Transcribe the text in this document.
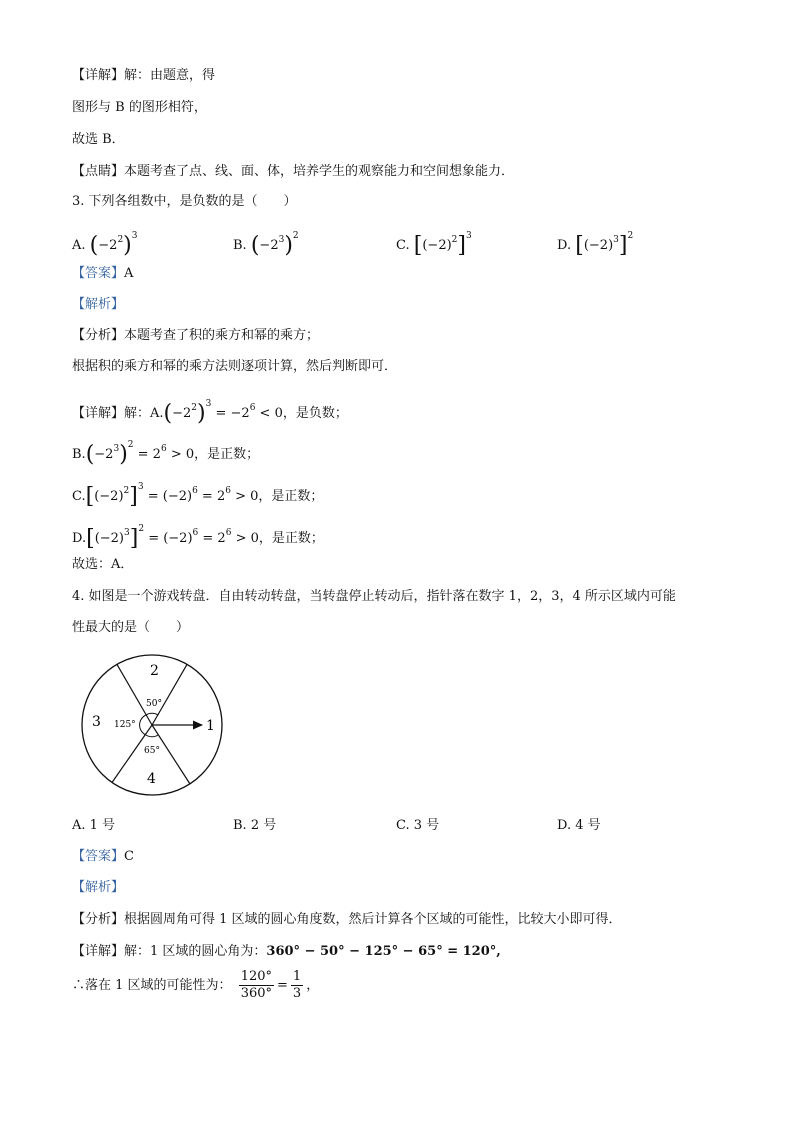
【详解】解：由题意，得
图形与 B 的图形相符，
故选 B．
【点睛】本题考查了点、线、面、体，培养学生的观察能力和空间想象能力．
3. 下列各组数中，是负数的是（　　）
A. $(-2^2)^3$
B. $(-2^3)^2$
C. $[(-2)^2]^3$
D. $[(-2)^3]^2$
【答案】A
【解析】
【分析】本题考查了积的乘方和幂的乘方；
根据积的乘方和幂的乘方法则逐项计算，然后判断即可．
【详解】解：$A.(-2^2)^3 = -2^6 < 0$，是负数；
$B.(-2^3)^2 = 2^6 > 0$，是正数；
$C.[(-2)^2]^3 = (-2)^6 = 2^6 > 0$，是正数；
$D.[(-2)^3]^2 = (-2)^6 = 2^6 > 0$，是正数；
故选：A．
4. 如图是一个游戏转盘．自由转动转盘，当转盘停止转动后，指针落在数字 1，2，3，4 所示区域内可能
性最大的是（　　）
1
2
3
4
50°
125°
65°
A. 1 号	B. 2 号	C. 3 号	D. 4 号
【答案】C
【解析】
【分析】根据圆周角可得 1 区域的圆心角度数，然后计算各个区域的可能性，比较大小即可得．
【详解】解：1 区域的圆心角为：360° − 50° − 125° − 65° = 120°,
∴落在 1 区域的可能性为： $\frac{120^\circ}{360^\circ} = \frac{1}{3}$ ，
